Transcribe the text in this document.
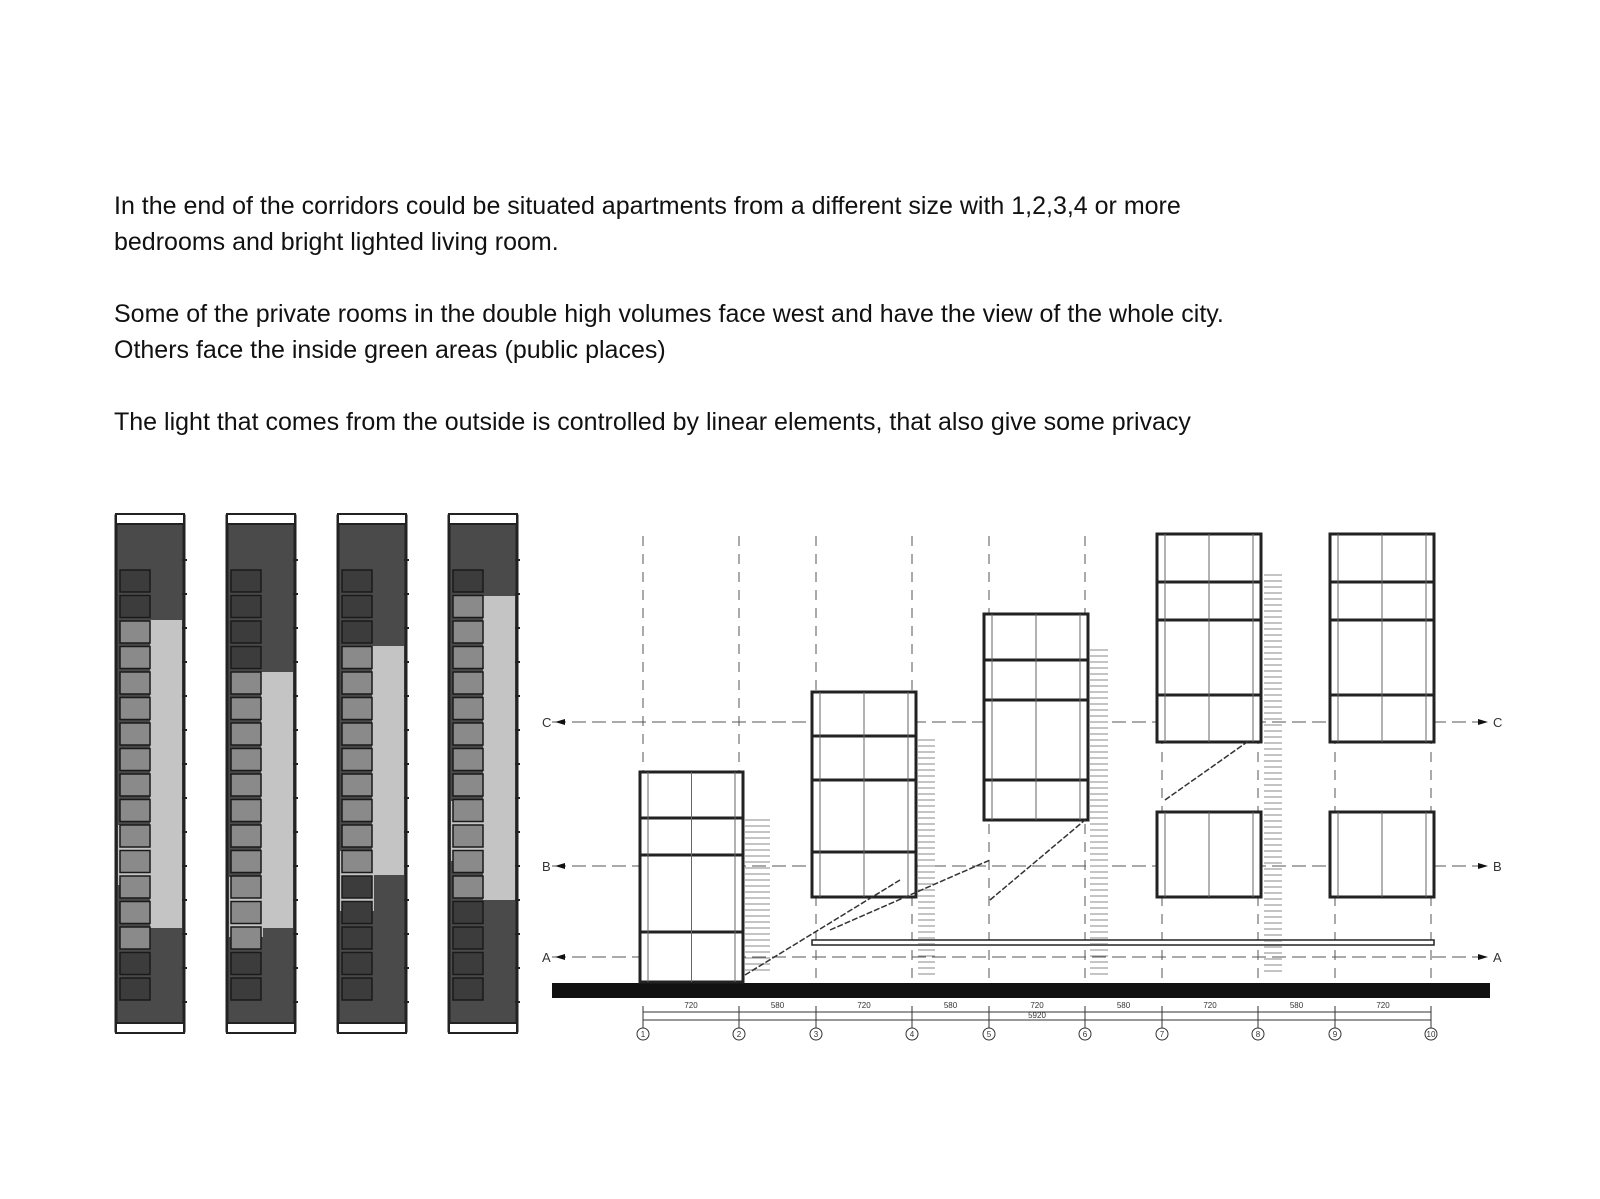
In the end of the corridors could be situated apartments from a different size with 1,2,3,4 or more bedrooms and bright lighted living room.

Some of the private rooms in the double high volumes face west and have the view of the whole city.

Others face the inside green areas (public places)

The light that comes from the outside is controlled by linear elements, that also give some privacy

A	A
B	B
C	C
720	580	720	580	720	580	720	580	720
5920
1	2	3	4	5	6	7	8	9	10
